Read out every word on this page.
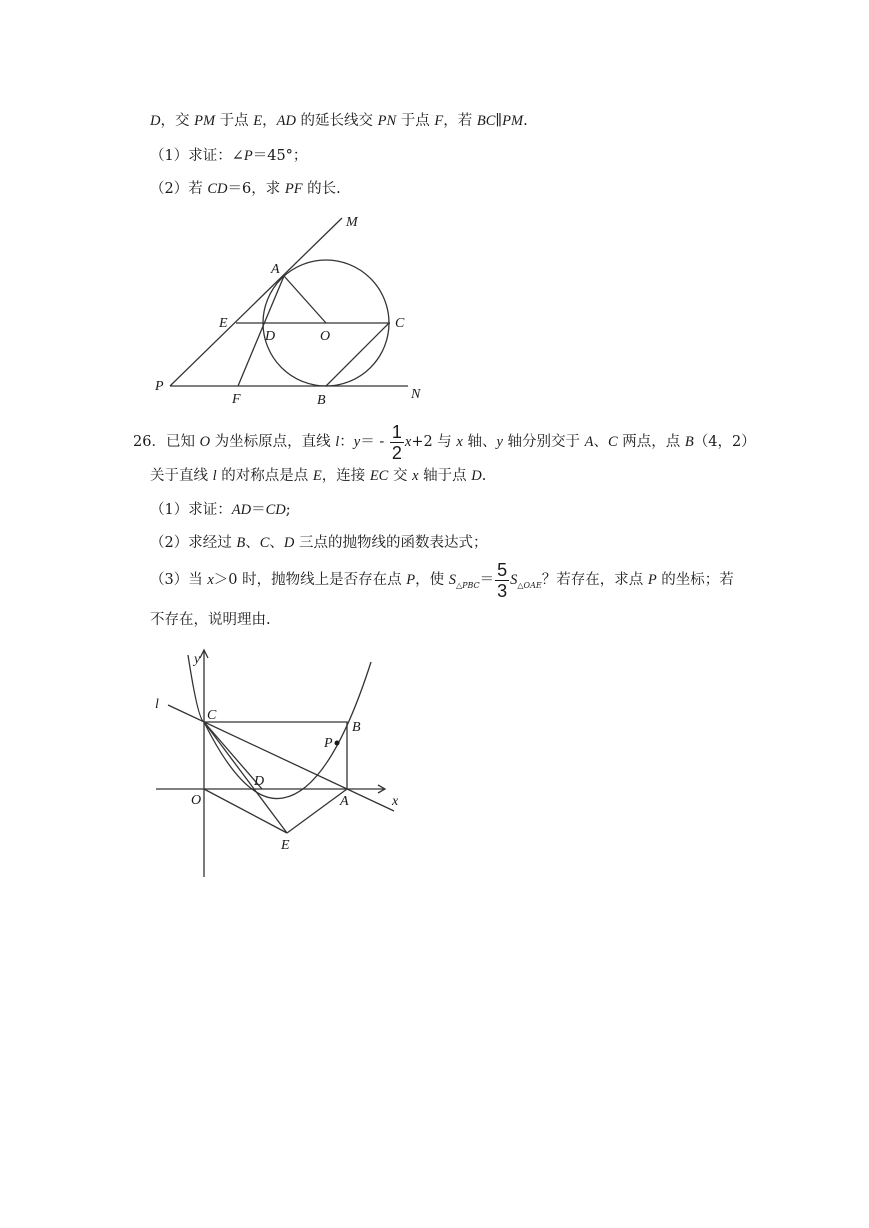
D，交 PM 于点 E，AD 的延长线交 PN 于点 F，若 BC∥PM.
（1）求证：∠P＝45°；
（2）若 CD＝6，求 PF 的长.
M
A
E
D	O
C
P
F	B	N
26．已知 O 为坐标原点，直线 l：$y= - \frac{1}{2} x+2$ 与 x 轴、y 轴分别交于 A、C 两点，点 B（4，2）
关于直线 l 的对称点是点 E，连接 EC 交 x 轴于点 D.
（1）求证：AD＝CD;
（2）求经过 B、C、D 三点的抛物线的函数表达式；
（3）当 x＞0 时，抛物线上是否存在点 P，使 $S_{\triangle PBC}= \frac{5}{3} S_{\triangle OAE}$？若存在，求点 P 的坐标；若
不存在，说明理由.
y
l
C
B
P
D
O	A	x
E
